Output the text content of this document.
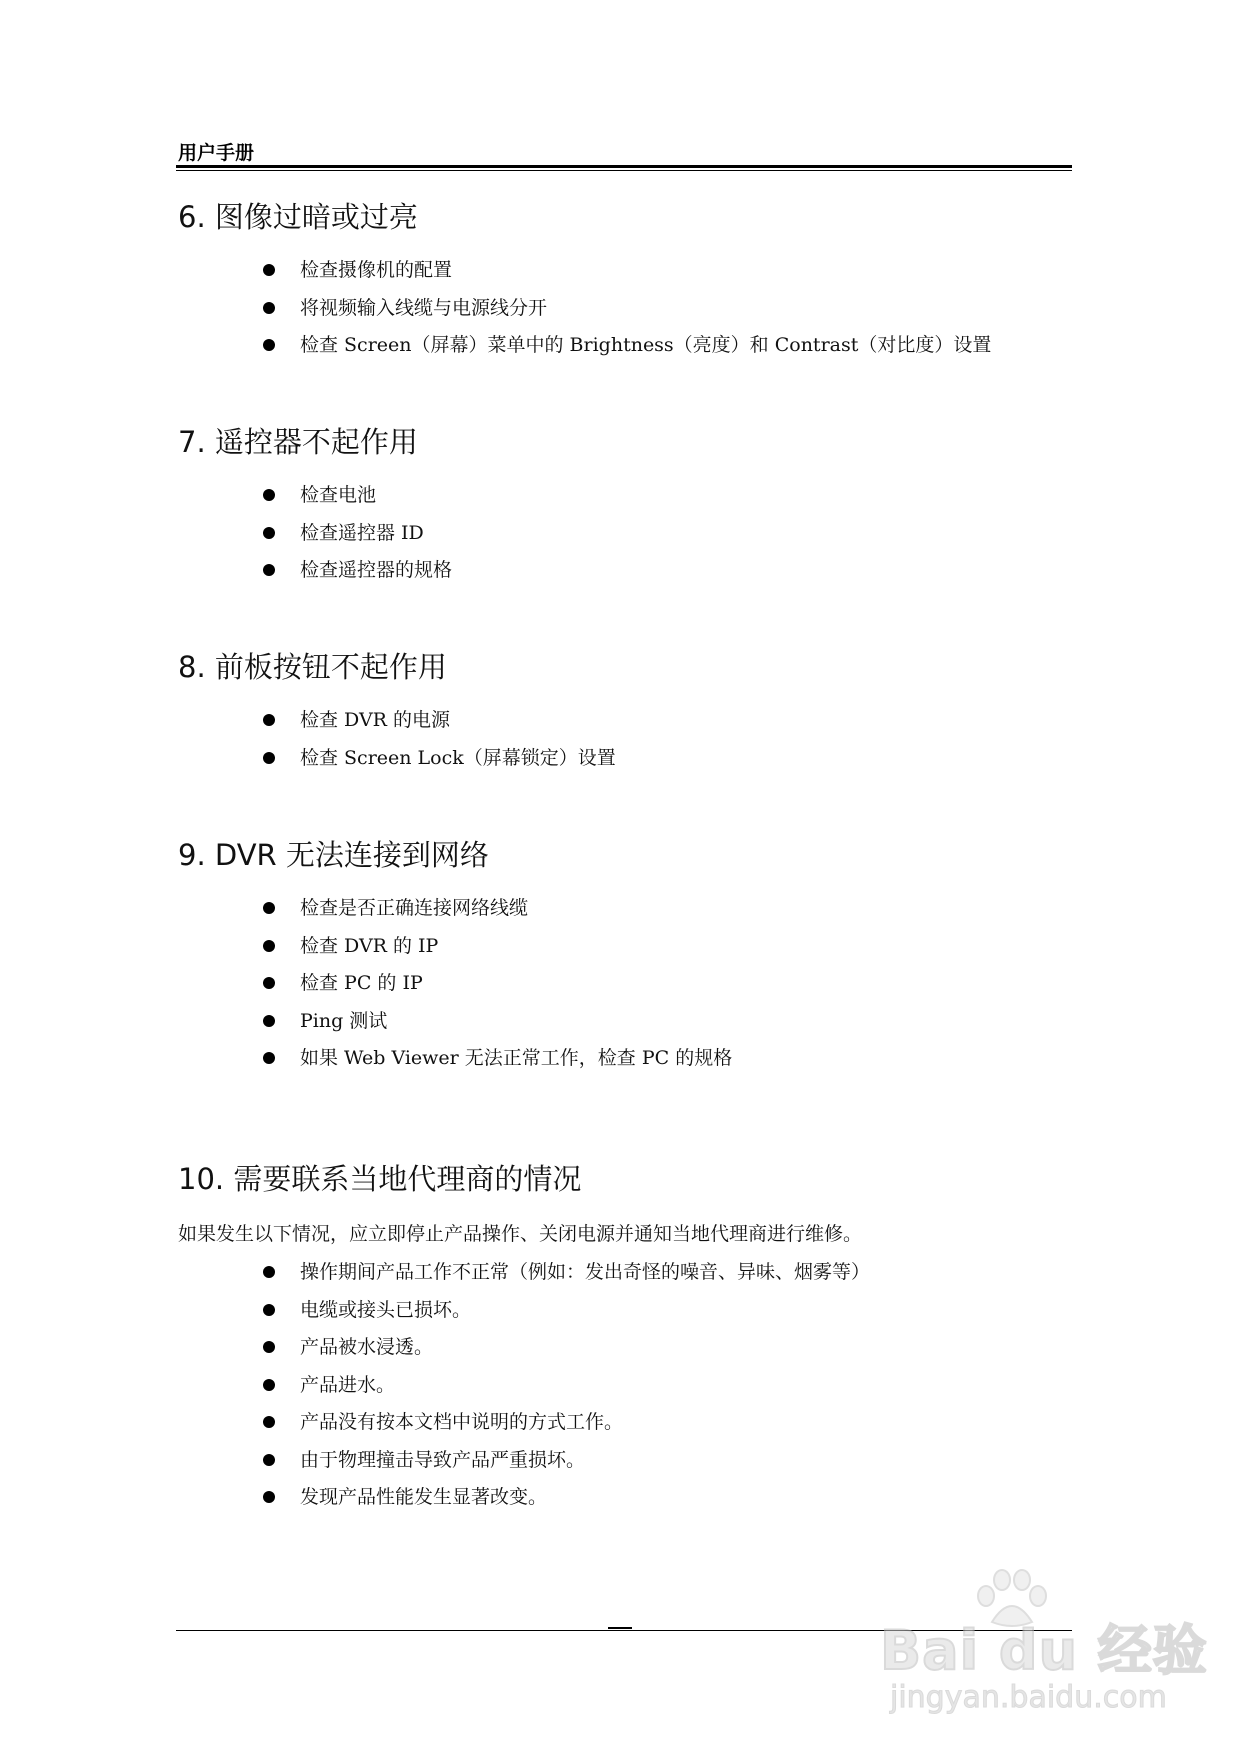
用户手册
6. 图像过暗或过亮
检查摄像机的配置
将视频输入线缆与电源线分开
检查 Screen（屏幕）菜单中的 Brightness（亮度）和 Contrast（对比度）设置
7. 遥控器不起作用
检查电池
检查遥控器 ID
检查遥控器的规格
8. 前板按钮不起作用
检查 DVR 的电源
检查 Screen Lock（屏幕锁定）设置
9. DVR 无法连接到网络
检查是否正确连接网络线缆
检查 DVR 的 IP
检查 PC 的 IP
Ping 测试
如果 Web Viewer 无法正常工作，检查 PC 的规格
10. 需要联系当地代理商的情况

如果发生以下情况，应立即停止产品操作、关闭电源并通知当地代理商进行维修。

操作期间产品工作不正常（例如：发出奇怪的噪音、异味、烟雾等）
电缆或接头已损坏。
产品被水浸透。
产品进水。
产品没有按本文档中说明的方式工作。
由于物理撞击导致产品严重损坏。
发现产品性能发生显著改变。
Bai du 经验
jingyan.baidu.com
